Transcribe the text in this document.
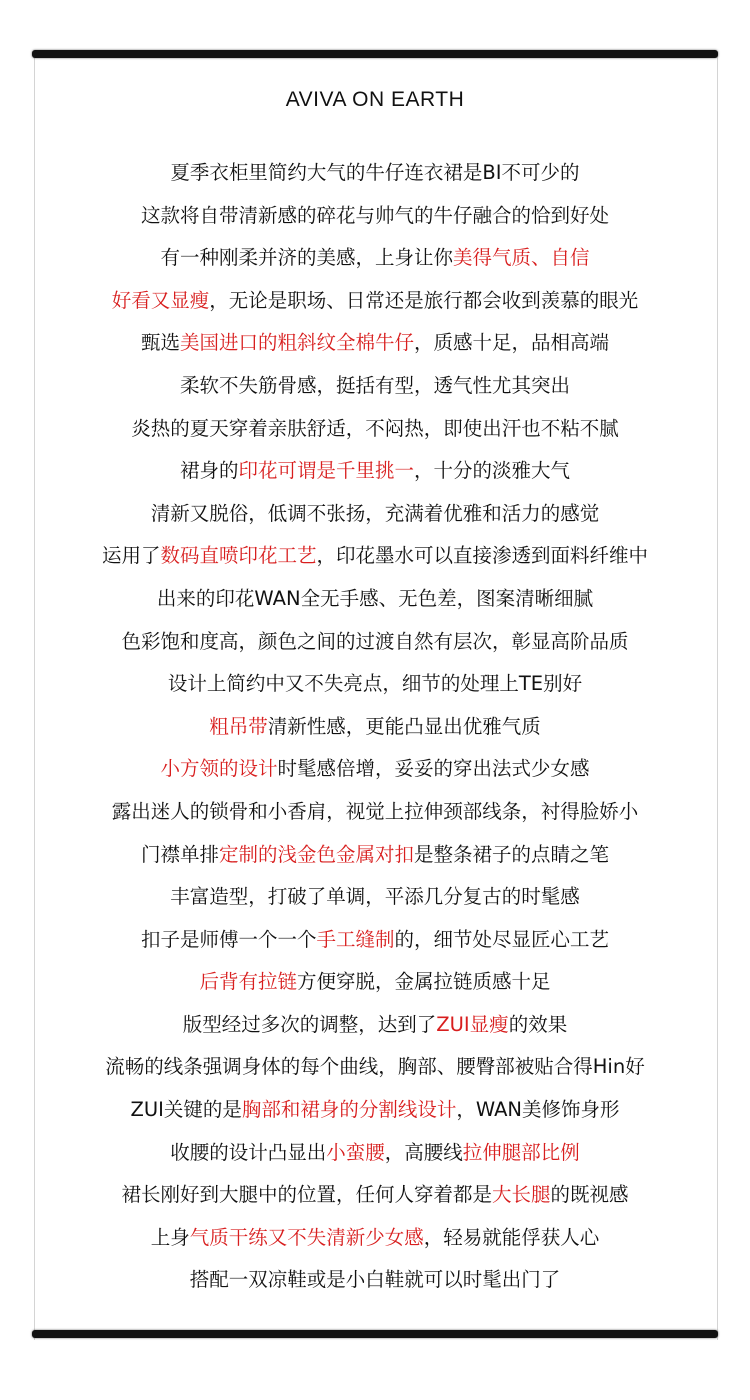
AVIVA ON EARTH
夏季衣柜里简约大气的牛仔连衣裙是BI不可少的
这款将自带清新感的碎花与帅气的牛仔融合的恰到好处
有一种刚柔并济的美感，上身让你美得气质、自信
好看又显瘦，无论是职场、日常还是旅行都会收到羡慕的眼光
甄选美国进口的粗斜纹全棉牛仔，质感十足，品相高端
柔软不失筋骨感，挺括有型，透气性尤其突出
炎热的夏天穿着亲肤舒适，不闷热，即使出汗也不粘不腻
裙身的印花可谓是千里挑一，十分的淡雅大气
清新又脱俗，低调不张扬，充满着优雅和活力的感觉
运用了数码直喷印花工艺，印花墨水可以直接渗透到面料纤维中
出来的印花WAN全无手感、无色差，图案清晰细腻
色彩饱和度高，颜色之间的过渡自然有层次，彰显高阶品质
设计上简约中又不失亮点，细节的处理上TE别好
粗吊带清新性感，更能凸显出优雅气质
小方领的设计时髦感倍增，妥妥的穿出法式少女感
露出迷人的锁骨和小香肩，视觉上拉伸颈部线条，衬得脸娇小
门襟单排定制的浅金色金属对扣是整条裙子的点睛之笔
丰富造型，打破了单调，平添几分复古的时髦感
扣子是师傅一个一个手工缝制的，细节处尽显匠心工艺
后背有拉链方便穿脱，金属拉链质感十足
版型经过多次的调整，达到了ZUI显瘦的效果
流畅的线条强调身体的每个曲线，胸部、腰臀部被贴合得Hin好
ZUI关键的是胸部和裙身的分割线设计，WAN美修饰身形
收腰的设计凸显出小蛮腰，高腰线拉伸腿部比例
裙长刚好到大腿中的位置，任何人穿着都是大长腿的既视感
上身气质干练又不失清新少女感，轻易就能俘获人心
搭配一双凉鞋或是小白鞋就可以时髦出门了
